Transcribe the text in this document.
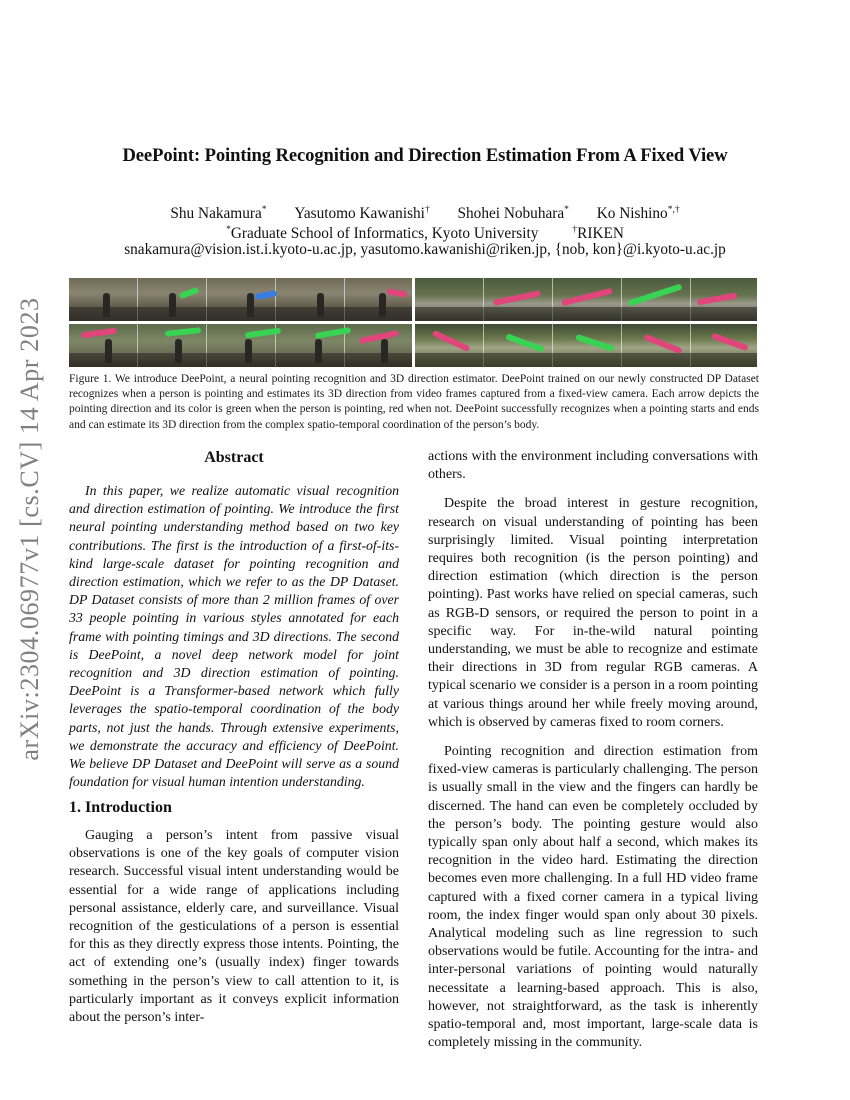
arXiv:2304.06977v1 [cs.CV] 14 Apr 2023
DeePoint: Pointing Recognition and Direction Estimation From A Fixed View
Shu Nakamura* Yasutomo Kawanishi† Shohei Nobuhara* Ko Nishino*,†
*Graduate School of Informatics, Kyoto University	†RIKEN
snakamura@vision.ist.i.kyoto-u.ac.jp, yasutomo.kawanishi@riken.jp, {nob, kon}@i.kyoto-u.ac.jp
Figure 1. We introduce DeePoint, a neural pointing recognition and 3D direction estimator. DeePoint trained on our newly constructed DP Dataset recognizes when a person is pointing and estimates its 3D direction from video frames captured from a fixed-view camera. Each arrow depicts the pointing direction and its color is green when the person is pointing, red when not. DeePoint successfully recognizes when a pointing starts and ends and can estimate its 3D direction from the complex spatio-temporal coordination of the person’s body.
Abstract

In this paper, we realize automatic visual recognition and direction estimation of pointing. We introduce the first neural pointing understanding method based on two key contributions. The first is the introduction of a first-of-its-kind large-scale dataset for pointing recognition and direction estimation, which we refer to as the DP Dataset. DP Dataset consists of more than 2 million frames of over 33 people pointing in various styles annotated for each frame with pointing timings and 3D directions. The second is DeePoint, a novel deep network model for joint recognition and 3D direction estimation of pointing. DeePoint is a Transformer-based network which fully leverages the spatio-temporal coordination of the body parts, not just the hands. Through extensive experiments, we demonstrate the accuracy and efficiency of DeePoint. We believe DP Dataset and DeePoint will serve as a sound foundation for visual human intention understanding.

1. Introduction

Gauging a person’s intent from passive visual observations is one of the key goals of computer vision research. Successful visual intent understanding would be essential for a wide range of applications including personal assistance, elderly care, and surveillance. Visual recognition of the gesticulations of a person is essential for this as they directly express those intents. Pointing, the act of extending one’s (usually index) finger towards something in the person’s view to call attention to it, is particularly important as it conveys explicit information about the person’s inter-

actions with the environment including conversations with others.

Despite the broad interest in gesture recognition, research on visual understanding of pointing has been surprisingly limited. Visual pointing interpretation requires both recognition (is the person pointing) and direction estimation (which direction is the person pointing). Past works have relied on special cameras, such as RGB-D sensors, or required the person to point in a specific way. For in-the-wild natural pointing understanding, we must be able to recognize and estimate their directions in 3D from regular RGB cameras. A typical scenario we consider is a person in a room pointing at various things around her while freely moving around, which is observed by cameras fixed to room corners.

Pointing recognition and direction estimation from fixed-view cameras is particularly challenging. The person is usually small in the view and the fingers can hardly be discerned. The hand can even be completely occluded by the person’s body. The pointing gesture would also typically span only about half a second, which makes its recognition in the video hard. Estimating the direction becomes even more challenging. In a full HD video frame captured with a fixed corner camera in a typical living room, the index finger would span only about 30 pixels. Analytical modeling such as line regression to such observations would be futile. Accounting for the intra- and inter-personal variations of pointing would naturally necessitate a learning-based approach. This is also, however, not straightforward, as the task is inherently spatio-temporal and, most important, large-scale data is completely missing in the community.
